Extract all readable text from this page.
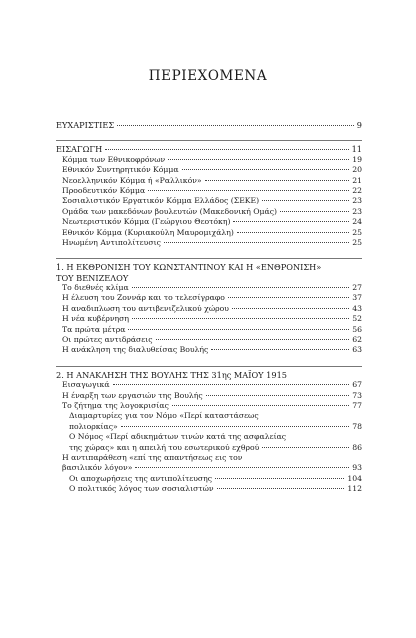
ΠΕΡΙΕΧΟΜΕΝΑ
ΕΥΧΑΡΙΣΤΙΕΣ	9
ΕΙΣΑΓΩΓΗ	11
Κόμμα των Εθνικοφρόνων	19
Εθνικόν Συντηρητικόν Κόμμα	20
Νεοελληνικόν Κόμμα ή «Ραλλικόν»	21
Προοδευτικόν Κόμμα	22
Σοσιαλιστικόν Εργατικόν Κόμμα Ελλάδος (ΣΕΚΕ)	23
Ομάδα των μακεδόνων βουλευτών (Μακεδονική Ομάς)	23
Νεωτεριστικόν Κόμμα (Γεώργιου Θεοτόκη)	24
Εθνικόν Κόμμα (Κυριακούλη Μαυρομιχάλη)	25
Ηνωμένη Αντιπολίτευσις	25
1. Η ΕΚΘΡΟΝΙΣΗ ΤΟΥ ΚΩΝΣΤΑΝΤΙΝΟΥ ΚΑΙ Η «ΕΝΘΡΟΝΙΣΗ»
ΤΟΥ ΒΕΝΙΖΕΛΟΥ
Το διεθνές κλίμα	27
Η έλευση του Ζοννάρ και το τελεσίγραφο	37
Η αναδιπλωση του αντιβενιζελικού χώρου	43
Η νέα κυβέρνηση	52
Τα πρώτα μέτρα	56
Οι πρώτες αντιδράσεις	62
Η ανάκληση της διαλυθείσας Βουλής	63
2. Η ΑΝΑΚΛΗΣΗ ΤΗΣ ΒΟΥΛΗΣ ΤΗΣ 31ης ΜΑΪΟΥ 1915
Εισαγωγικά	67
Η έναρξη των εργασιών της Βουλής	73
Το ζήτημα της λογοκρισίας	77
Διαμαρτυρίες για τον Νόμο «Περί καταστάσεως
πολιορκίας»	78
Ο Νόμος «Περί αδικημάτων τινών κατά της ασφαλείας
της χώρας» και η απειλή του εσωτερικού εχθρού	86
Η αντιπαράθεση «επί της απαντήσεως εις τον
βασιλικόν λόγον»	93
Οι αποχωρήσεις της αντιπολίτευσης	104
Ο πολιτικός λόγος των σοσιαλιστών	112
